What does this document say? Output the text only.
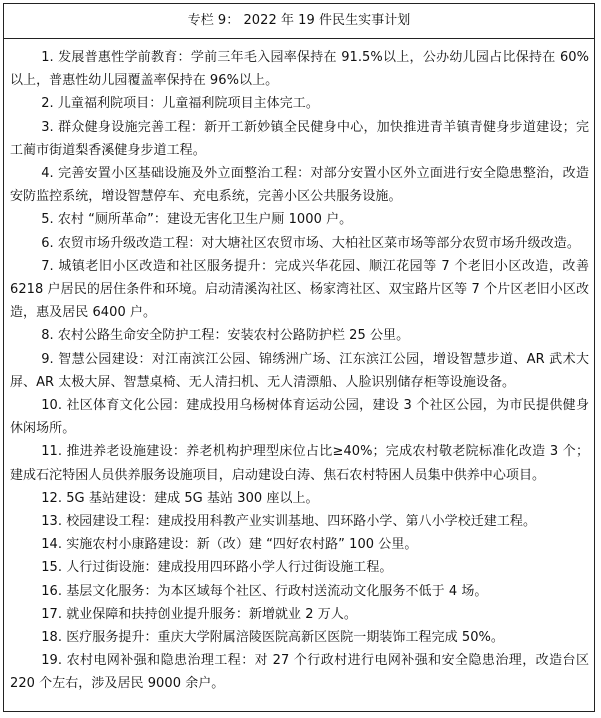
专栏 9： 2022 年 19 件民生实事计划

1. 发展普惠性学前教育：学前三年毛入园率保持在 91.5%以上，公办幼儿园占比保持在 60%以上，普惠性幼儿园覆盖率保持在 96%以上。

2. 儿童福利院项目：儿童福利院项目主体完工。

3. 群众健身设施完善工程：新开工新妙镇全民健身中心，加快推进青羊镇青健身步道建设；完工蔺市街道梨香溪健身步道工程。

4. 完善安置小区基础设施及外立面整治工程：对部分安置小区外立面进行安全隐患整治，改造安防监控系统，增设智慧停车、充电系统，完善小区公共服务设施。

5. 农村 “厕所革命”：建设无害化卫生户厕 1000 户。

6. 农贸市场升级改造工程：对大塘社区农贸市场、大柏社区菜市场等部分农贸市场升级改造。

7. 城镇老旧小区改造和社区服务提升：完成兴华花园、顺江花园等 7 个老旧小区改造，改善 6218 户居民的居住条件和环境。启动清溪沟社区、杨家湾社区、双宝路片区等 7 个片区老旧小区改造，惠及居民 6400 户。

8. 农村公路生命安全防护工程：安装农村公路防护栏 25 公里。

9. 智慧公园建设：对江南滨江公园、锦绣洲广场、江东滨江公园，增设智慧步道、AR 武术大屏、AR 太极大屏、智慧桌椅、无人清扫机、无人清漂船、人脸识别储存柜等设施设备。

10. 社区体育文化公园：建成投用乌杨树体育运动公园，建设 3 个社区公园，为市民提供健身休闲场所。

11. 推进养老设施建设：养老机构护理型床位占比≥40%；完成农村敬老院标准化改造 3 个；建成石沱特困人员供养服务设施项目，启动建设白涛、焦石农村特困人员集中供养中心项目。

12. 5G 基站建设：建成 5G 基站 300 座以上。

13. 校园建设工程：建成投用科教产业实训基地、四环路小学、第八小学校迁建工程。

14. 实施农村小康路建设：新（改）建 “四好农村路” 100 公里。

15. 人行过街设施：建成投用四环路小学人行过街设施工程。

16. 基层文化服务：为本区域每个社区、行政村送流动文化服务不低于 4 场。

17. 就业保障和扶持创业提升服务：新增就业 2 万人。

18. 医疗服务提升：重庆大学附属涪陵医院高新区医院一期装饰工程完成 50%。

19. 农村电网补强和隐患治理工程：对 27 个行政村进行电网补强和安全隐患治理，改造台区 220 个左右，涉及居民 9000 余户。
